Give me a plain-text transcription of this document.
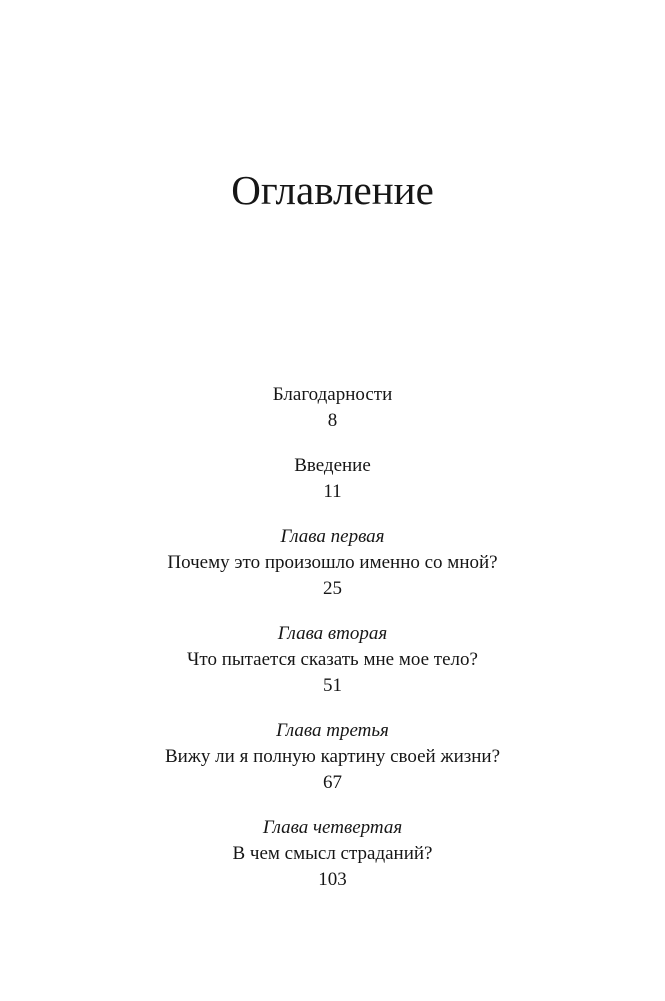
Оглавление
Благодарности
8
Введение
11
Глава первая
Почему это произошло именно со мной?
25
Глава вторая
Что пытается сказать мне мое тело?
51
Глава третья
Вижу ли я полную картину своей жизни?
67
Глава четвертая
В чем смысл страданий?
103
